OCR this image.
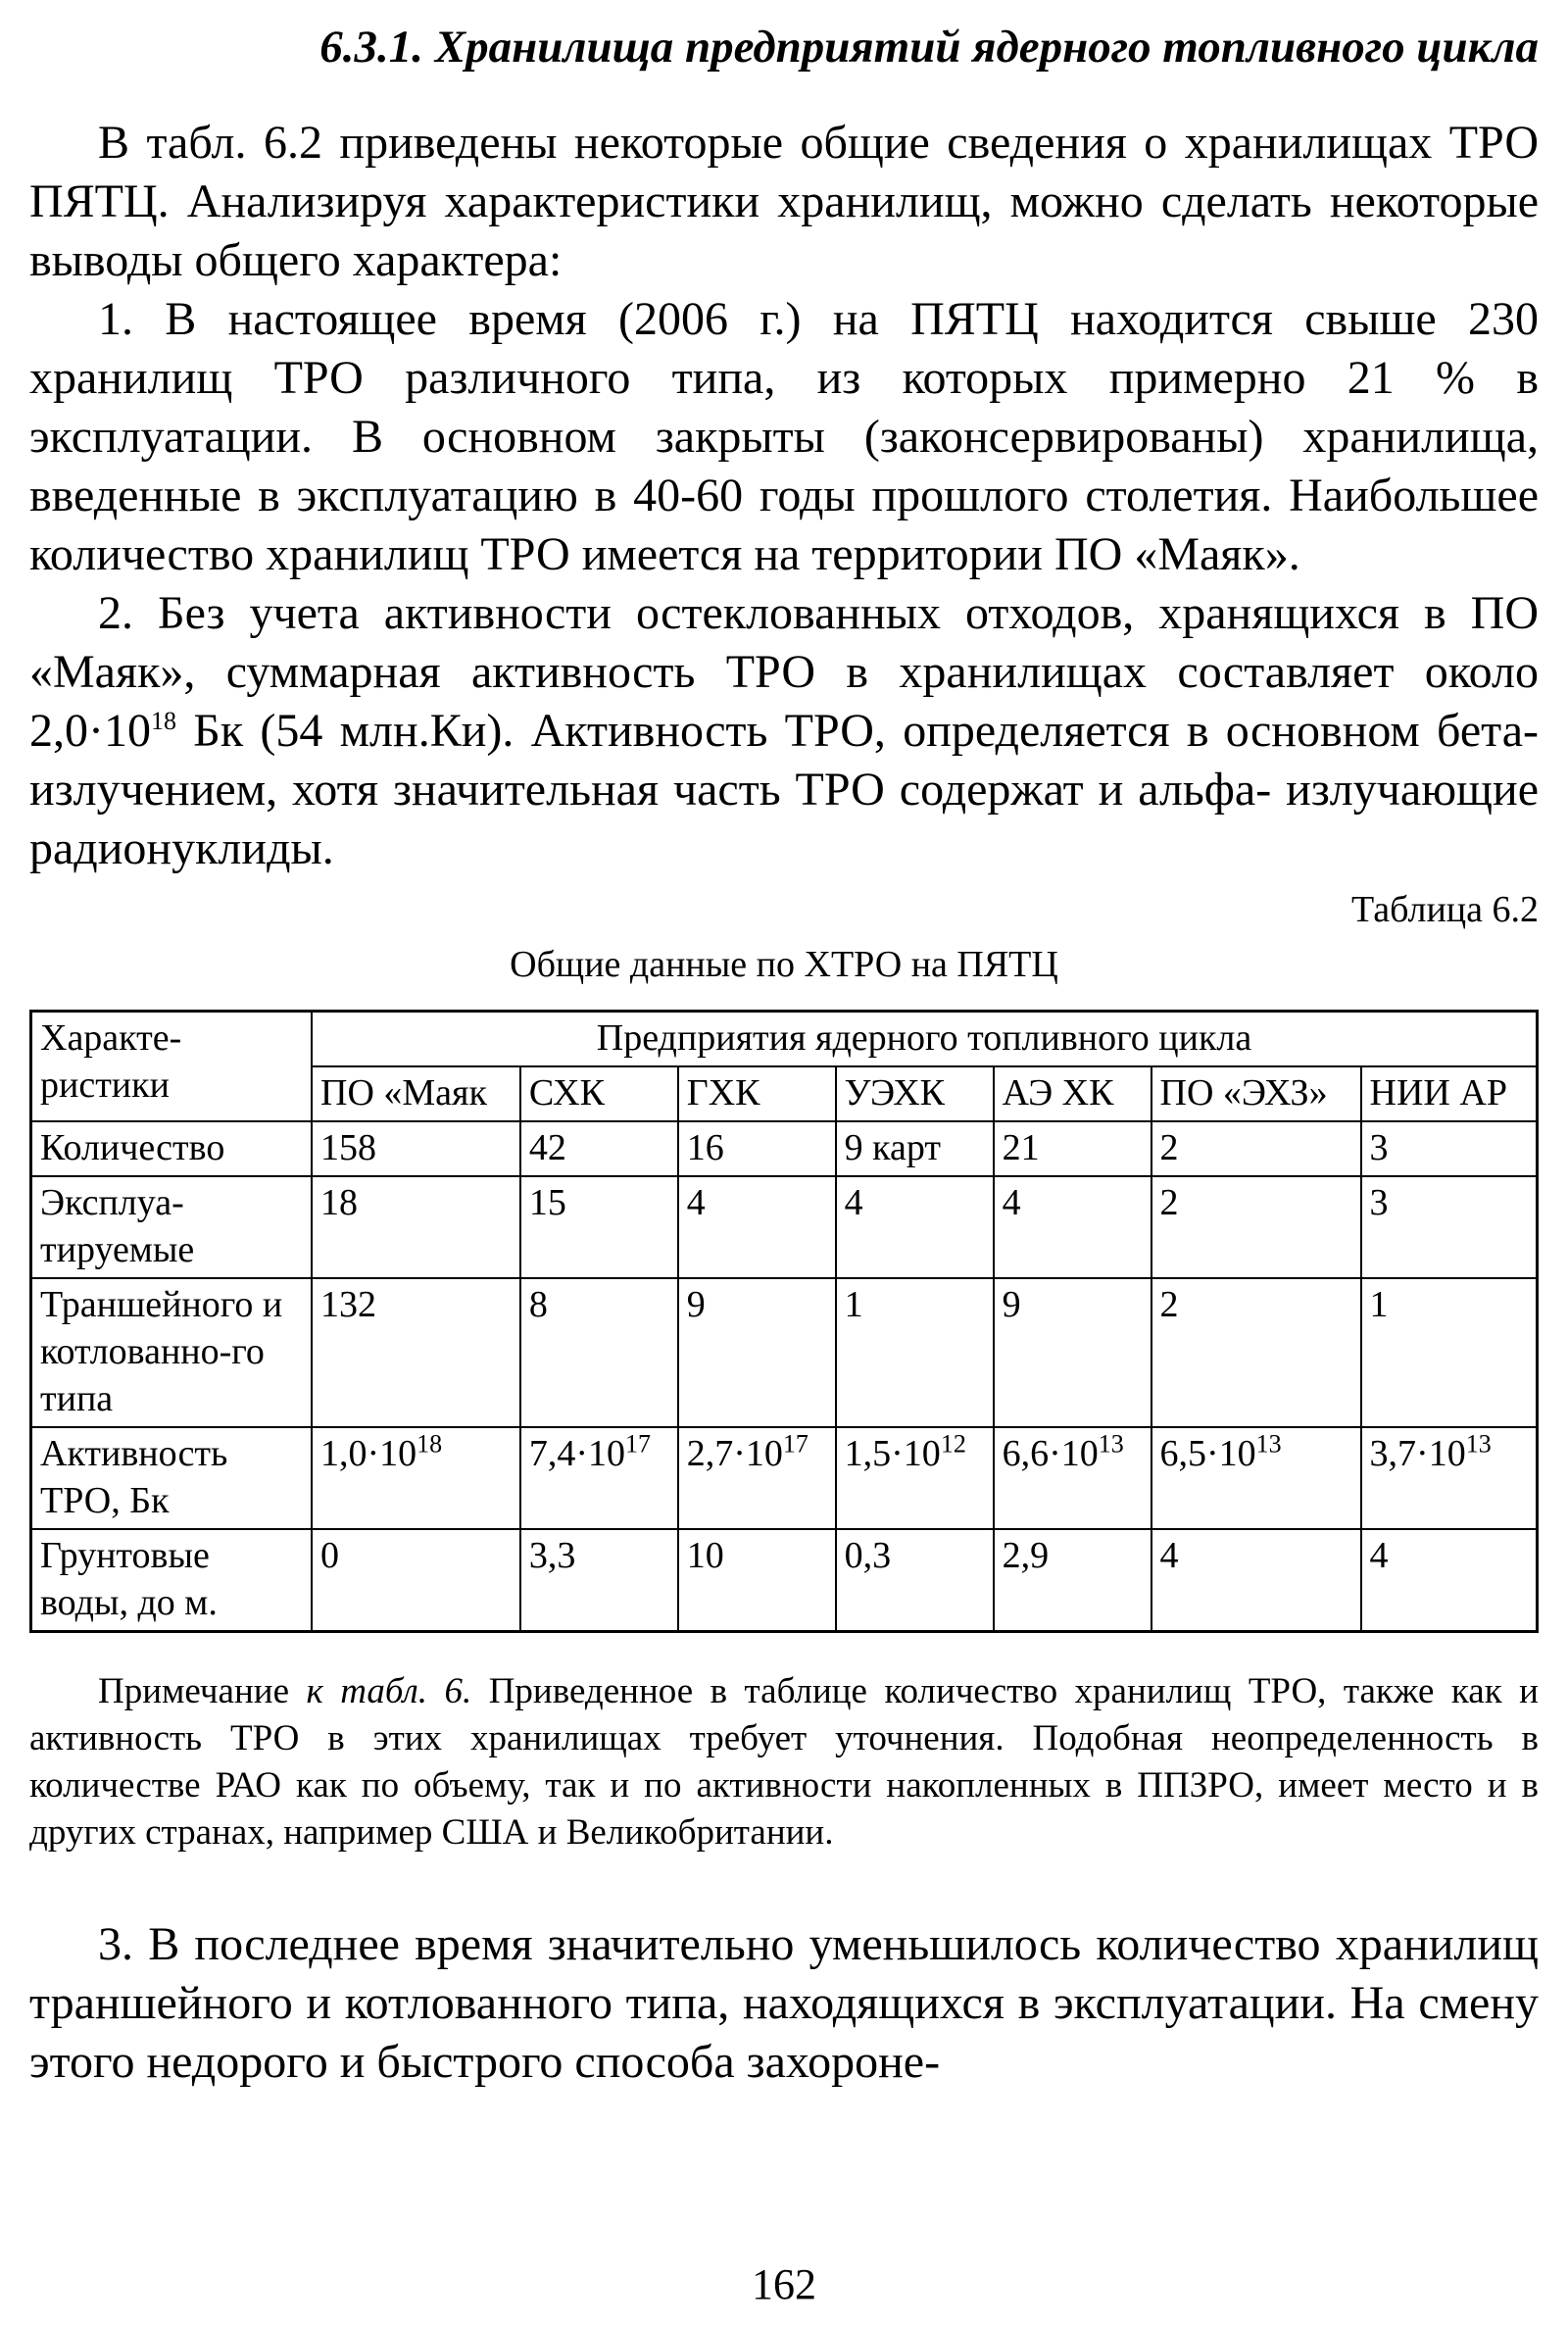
6.3.1. Хранилища предприятий ядерного топливного цикла

В табл. 6.2 приведены некоторые общие сведения о хранилищах ТРО ПЯТЦ. Анализируя характеристики хранилищ, можно сделать некоторые выводы общего характера:

1. В настоящее время (2006 г.) на ПЯТЦ находится свыше 230 хранилищ ТРО различного типа, из которых примерно 21 % в эксплуатации. В основном закрыты (законсервированы) хранилища, введенные в эксплуатацию в 40-60 годы прошлого столетия. Наибольшее количество хранилищ ТРО имеется на территории ПО «Маяк».

2. Без учета активности остеклованных отходов, хранящихся в ПО «Маяк», суммарная активность ТРО в хранилищах составляет около $2,0\cdot 10^{18}$ Бк (54 млн.Ки). Активность ТРО, определяется в основном бета- излучением, хотя значительная часть ТРО содержат и альфа- излучающие радионуклиды.

Таблица 6.2
Общие данные по ХТРО на ПЯТЦ
Характе-ристики	Предприятия ядерного топливного цикла						
	ПО «Маяк	СХК	ГХК	УЭХК	АЭ ХК	ПО «ЭХЗ»	НИИ АР
Количество	158	42	16	9 карт	21	2	3
Эксплуа-тируемые	18	15	4	4	4	2	3
Траншейного и котлованно-го типа	132	8	9	1	9	2	1
Активность ТРО, Бк	$1,0\cdot 10^{18}$	$7,4\cdot 10^{17}$	$2,7\cdot 10^{17}$	$1,5\cdot 10^{12}$	$6,6\cdot 10^{13}$	$6,5\cdot 10^{13}$	$3,7\cdot 10^{13}$
Грунтовые воды, до м.	0	3,3	10	0,3	2,9	4	4
Примечание к табл. 6. Приведенное в таблице количество хранилищ ТРО, также как и активность ТРО в этих хранилищах требует уточнения. Подобная неопределенность в количестве РАО как по объему, так и по активности накопленных в ППЗРО, имеет место и в других странах, например США и Великобритании.

3. В последнее время значительно уменьшилось количество хранилищ траншейного и котлованного типа, находящихся в эксплуатации. На смену этого недорого и быстрого способа захороне-

162
